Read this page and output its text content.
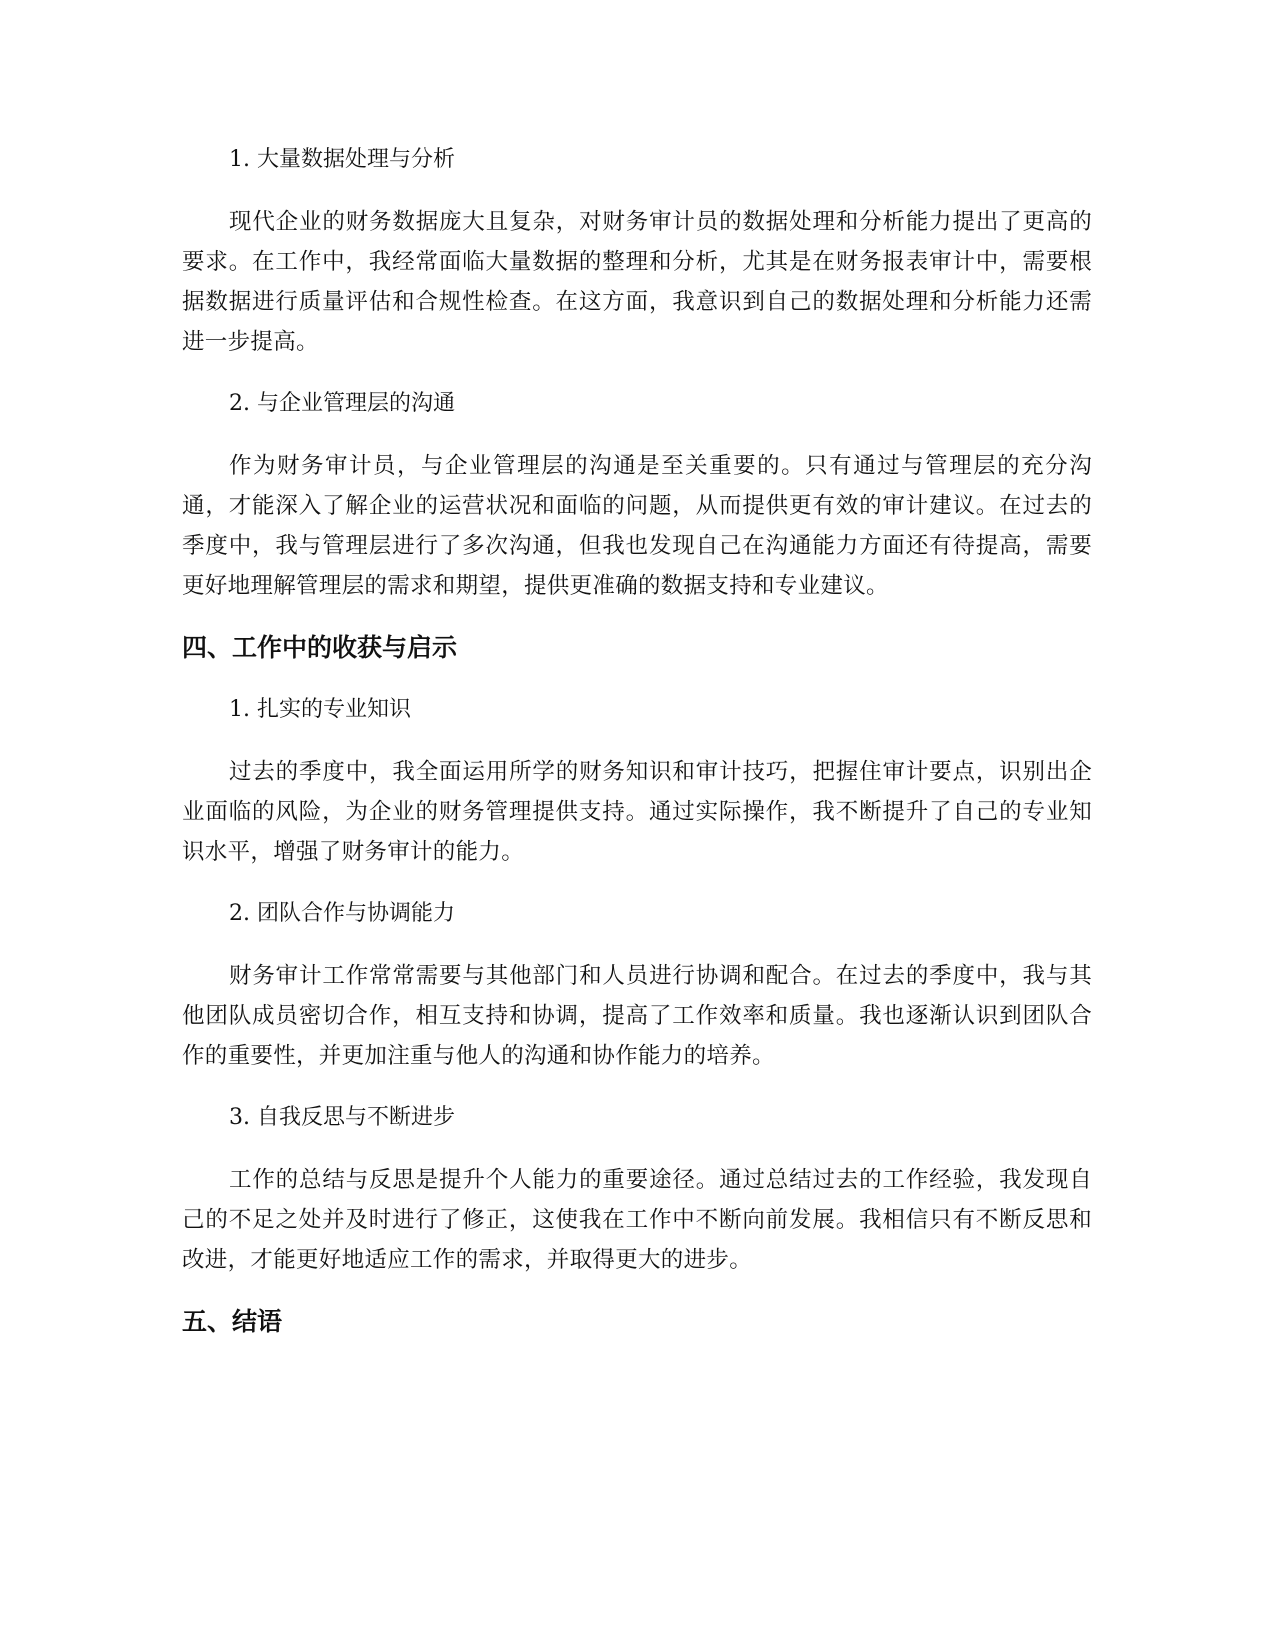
1. 大量数据处理与分析

现代企业的财务数据庞大且复杂，对财务审计员的数据处理和分析能力提出了更高的要求。在工作中，我经常面临大量数据的整理和分析，尤其是在财务报表审计中，需要根据数据进行质量评估和合规性检查。在这方面，我意识到自己的数据处理和分析能力还需进一步提高。

2. 与企业管理层的沟通

作为财务审计员，与企业管理层的沟通是至关重要的。只有通过与管理层的充分沟通，才能深入了解企业的运营状况和面临的问题，从而提供更有效的审计建议。在过去的季度中，我与管理层进行了多次沟通，但我也发现自己在沟通能力方面还有待提高，需要更好地理解管理层的需求和期望，提供更准确的数据支持和专业建议。

四、工作中的收获与启示

1. 扎实的专业知识

过去的季度中，我全面运用所学的财务知识和审计技巧，把握住审计要点，识别出企业面临的风险，为企业的财务管理提供支持。通过实际操作，我不断提升了自己的专业知识水平，增强了财务审计的能力。

2. 团队合作与协调能力

财务审计工作常常需要与其他部门和人员进行协调和配合。在过去的季度中，我与其他团队成员密切合作，相互支持和协调，提高了工作效率和质量。我也逐渐认识到团队合作的重要性，并更加注重与他人的沟通和协作能力的培养。

3. 自我反思与不断进步

工作的总结与反思是提升个人能力的重要途径。通过总结过去的工作经验，我发现自己的不足之处并及时进行了修正，这使我在工作中不断向前发展。我相信只有不断反思和改进，才能更好地适应工作的需求，并取得更大的进步。

五、结语
